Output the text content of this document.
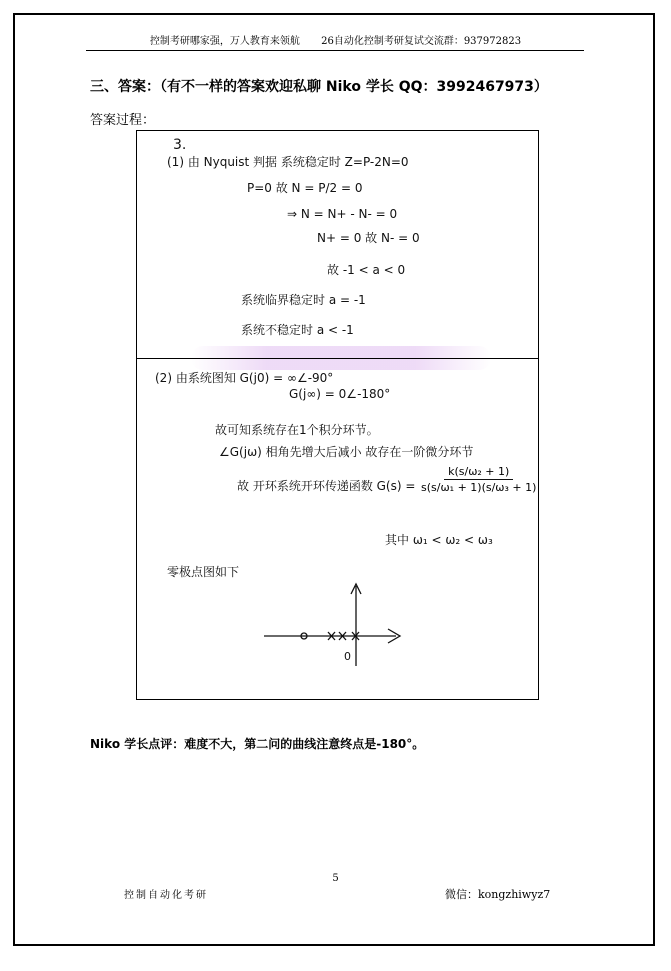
控制考研哪家强，万人教育来领航 26自动化控制考研复试交流群：937972823
三、答案：（有不一样的答案欢迎私聊 Niko 学长 QQ：3992467973）
答案过程：
3.
(1) 由 Nyquist 判据 系统稳定时 Z=P-2N=0
P=0 故 N = P/2 = 0
⇒ N = N+ - N- = 0
N+ = 0 故 N- = 0
故 -1 < a < 0
系统临界稳定时 a = -1
系统不稳定时 a < -1
(2) 由系统图知 G(j0) = ∞∠-90°
G(j∞) = 0∠-180°
故可知系统存在1个积分环节。
∠G(jω) 相角先增大后减小 故存在一阶微分环节
故 开环系统开环传递函数 $G(s) = \frac{\text{k(s/ω₂ + 1)}}{\text{s(s/ω₁ + 1)(s/ω₃ + 1)}}$
其中 ω₁ < ω₂ < ω₃
零极点图如下
0
Niko 学长点评：难度不大，第二问的曲线注意终点是-180°。
5
控制自动化考研	微信：kongzhiwyz7
